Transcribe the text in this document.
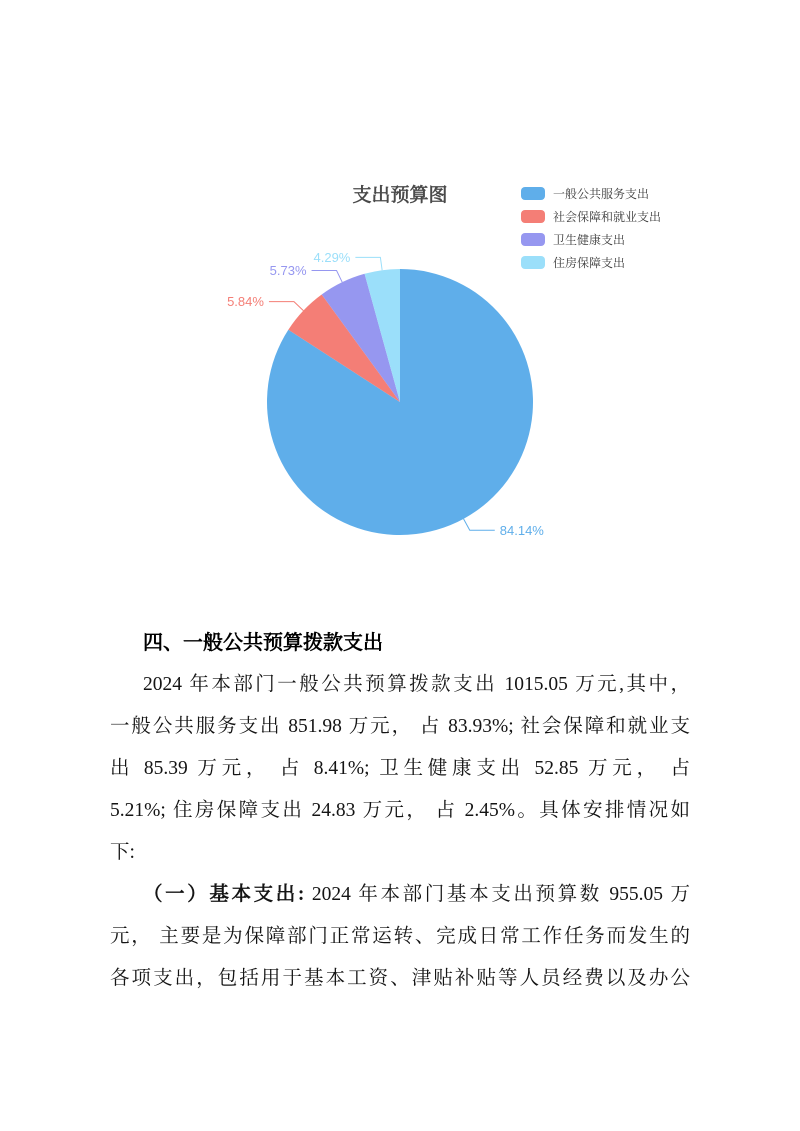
支出预算图	一般公共服务支出
社会保障和就业支出
卫生健康支出
住房保障支出
84.14%
5.84%
5.73%
4.29%
四、一般公共预算拨款支出

2024 年本部门一般公共预算拨款支出 1015.05 万元,其中，

一般公共服务支出 851.98 万元， 占 83.93%; 社会保障和就业支

出 85.39 万元， 占 8.41%; 卫生健康支出 52.85 万元， 占

5.21%; 住房保障支出 24.83 万元， 占 2.45%。具体安排情况如

下:

（一）基本支出: 2024 年本部门基本支出预算数 955.05 万

元， 主要是为保障部门正常运转、完成日常工作任务而发生的

各项支出，包括用于基本工资、津贴补贴等人员经费以及办公
